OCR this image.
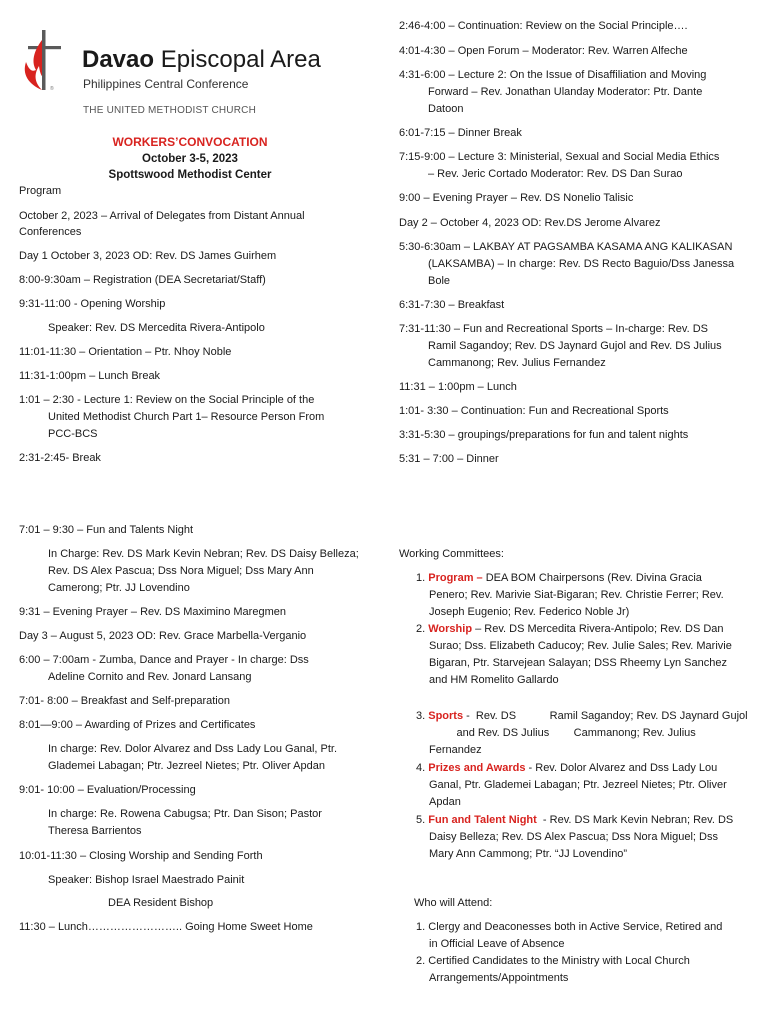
®
Davao Episcopal Area
Philippines Central Conference
THE UNITED METHODIST CHURCH
WORKERS’CONVOCATION
October 3-5, 2023
Spottswood Methodist Center
Program
October 2, 2023 – Arrival of Delegates from Distant Annual
Conferences
Day 1 October 3, 2023 OD: Rev. DS James Guirhem
8:00-9:30am – Registration (DEA Secretariat/Staff)
9:31-11:00 - Opening Worship
Speaker: Rev. DS Mercedita Rivera-Antipolo
11:01-11:30 – Orientation – Ptr. Nhoy Noble
11:31-1:00pm – Lunch Break
1:01 – 2:30 - Lecture 1: Review on the Social Principle of the
United Methodist Church Part 1– Resource Person From
PCC-BCS
2:31-2:45- Break
2:46-4:00 – Continuation: Review on the Social Principle….
4:01-4:30 – Open Forum – Moderator: Rev. Warren Alfeche
4:31-6:00 – Lecture 2: On the Issue of Disaffiliation and Moving
Forward – Rev. Jonathan Ulanday Moderator: Ptr. Dante
Datoon
6:01-7:15 – Dinner Break
7:15-9:00 – Lecture 3: Ministerial, Sexual and Social Media Ethics
– Rev. Jeric Cortado Moderator: Rev. DS Dan Surao
9:00 – Evening Prayer – Rev. DS Nonelio Talisic
Day 2 – October 4, 2023 OD: Rev.DS Jerome Alvarez
5:30-6:30am – LAKBAY AT PAGSAMBA KASAMA ANG KALIKASAN
(LAKSAMBA) – In charge: Rev. DS Recto Baguio/Dss Janessa
Bole
6:31-7:30 – Breakfast
7:31-11:30 – Fun and Recreational Sports – In-charge: Rev. DS
Ramil Sagandoy; Rev. DS Jaynard Gujol and Rev. DS Julius
Cammanong; Rev. Julius Fernandez
11:31 – 1:00pm – Lunch
1:01- 3:30 – Continuation: Fun and Recreational Sports
3:31-5:30 – groupings/preparations for fun and talent nights
5:31 – 7:00 – Dinner
7:01 – 9:30 – Fun and Talents Night
In Charge: Rev. DS Mark Kevin Nebran; Rev. DS Daisy Belleza;
Rev. DS Alex Pascua; Dss Nora Miguel; Dss Mary Ann
Camerong; Ptr. JJ Lovendino
9:31 – Evening Prayer – Rev. DS Maximino Maregmen
Day 3 – August 5, 2023 OD: Rev. Grace Marbella-Verganio
6:00 – 7:00am - Zumba, Dance and Prayer - In charge: Dss
Adeline Cornito and Rev. Jonard Lansang
7:01- 8:00 – Breakfast and Self-preparation
8:01—9:00 – Awarding of Prizes and Certificates
In charge: Rev. Dolor Alvarez and Dss Lady Lou Ganal, Ptr.
Glademei Labagan; Ptr. Jezreel Nietes; Ptr. Oliver Apdan
9:01- 10:00 – Evaluation/Processing
In charge: Re. Rowena Cabugsa; Ptr. Dan Sison; Pastor
Theresa Barrientos
10:01-11:30 – Closing Worship and Sending Forth
Speaker: Bishop Israel Maestrado Painit
DEA Resident Bishop
11:30 – Lunch…………………….. Going Home Sweet Home
Working Committees:
1. Program – DEA BOM Chairpersons (Rev. Divina Gracia
Penero; Rev. Marivie Siat-Bigaran; Rev. Christie Ferrer; Rev.
Joseph Eugenio; Rev. Federico Noble Jr)
2. Worship – Rev. DS Mercedita Rivera-Antipolo; Rev. DS Dan
Surao; Dss. Elizabeth Caducoy; Rev. Julie Sales; Rev. Marivie
Bigaran, Ptr. Starvejean Salayan; DSS Rheemy Lyn Sanchez
and HM Romelito Gallardo
3. Sports -  Rev. DS           Ramil Sagandoy; Rev. DS Jaynard Gujol
and Rev. DS Julius        Cammanong; Rev. Julius
Fernandez
4. Prizes and Awards - Rev. Dolor Alvarez and Dss Lady Lou
Ganal, Ptr. Glademei Labagan; Ptr. Jezreel Nietes; Ptr. Oliver
Apdan
5. Fun and Talent Night  - Rev. DS Mark Kevin Nebran; Rev. DS
Daisy Belleza; Rev. DS Alex Pascua; Dss Nora Miguel; Dss
Mary Ann Cammong; Ptr. “JJ Lovendino”
Who will Attend:
1. Clergy and Deaconesses both in Active Service, Retired and
in Official Leave of Absence
2. Certified Candidates to the Ministry with Local Church
Arrangements/Appointments
